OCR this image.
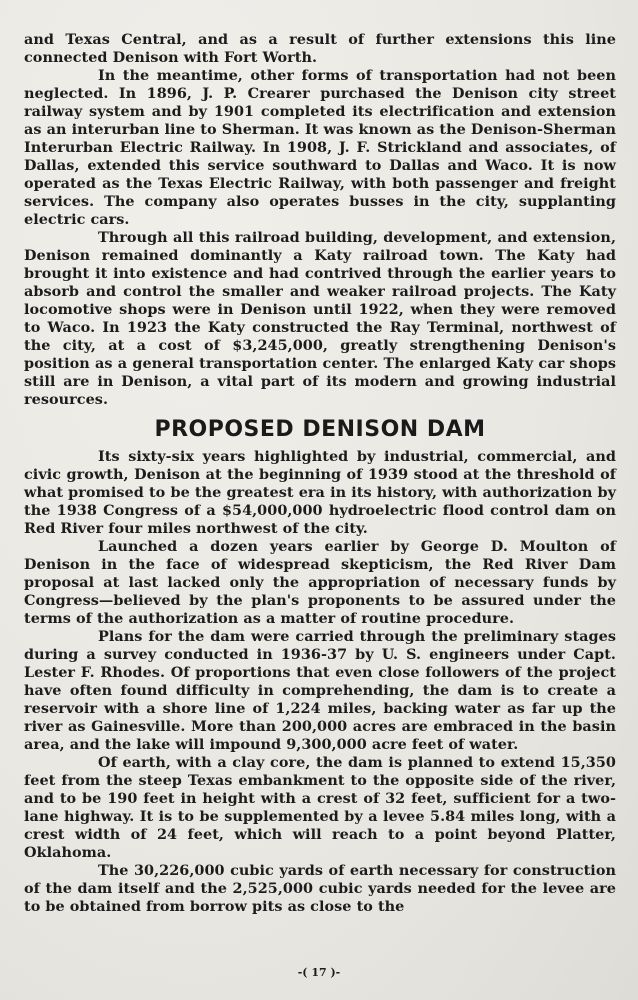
and Texas Central, and as a result of further extensions this line connected Denison with Fort Worth.

In the meantime, other forms of transportation had not been neglected. In 1896, J. P. Crearer purchased the Denison city street railway system and by 1901 completed its electrification and extension as an interurban line to Sherman. It was known as the Denison-Sherman Interurban Electric Railway. In 1908, J. F. Strickland and associates, of Dallas, extended this service southward to Dallas and Waco. It is now operated as the Texas Electric Railway, with both passenger and freight services. The company also operates busses in the city, supplanting electric cars.

Through all this railroad building, development, and extension, Denison remained dominantly a Katy railroad town. The Katy had brought it into existence and had contrived through the earlier years to absorb and control the smaller and weaker railroad projects. The Katy locomotive shops were in Denison until 1922, when they were removed to Waco. In 1923 the Katy constructed the Ray Terminal, northwest of the city, at a cost of $3,245,000, greatly strengthening Denison's position as a general transportation center. The enlarged Katy car shops still are in Denison, a vital part of its modern and growing industrial resources.

PROPOSED DENISON DAM

Its sixty-six years highlighted by industrial, commercial, and civic growth, Denison at the beginning of 1939 stood at the threshold of what promised to be the greatest era in its history, with authorization by the 1938 Congress of a $54,000,000 hydroelectric flood control dam on Red River four miles northwest of the city.

Launched a dozen years earlier by George D. Moulton of Denison in the face of widespread skepticism, the Red River Dam proposal at last lacked only the appropriation of necessary funds by Congress—believed by the plan's proponents to be assured under the terms of the authorization as a matter of routine procedure.

Plans for the dam were carried through the preliminary stages during a survey conducted in 1936-37 by U. S. engineers under Capt. Lester F. Rhodes. Of proportions that even close followers of the project have often found difficulty in comprehending, the dam is to create a reservoir with a shore line of 1,224 miles, backing water as far up the river as Gainesville. More than 200,000 acres are embraced in the basin area, and the lake will impound 9,300,000 acre feet of water.

Of earth, with a clay core, the dam is planned to extend 15,350 feet from the steep Texas embankment to the opposite side of the river, and to be 190 feet in height with a crest of 32 feet, sufficient for a two-lane highway. It is to be supplemented by a levee 5.84 miles long, with a crest width of 24 feet, which will reach to a point beyond Platter, Oklahoma.

The 30,226,000 cubic yards of earth necessary for construction of the dam itself and the 2,525,000 cubic yards needed for the levee are to be obtained from borrow pits as close to the

-( 17 )-
